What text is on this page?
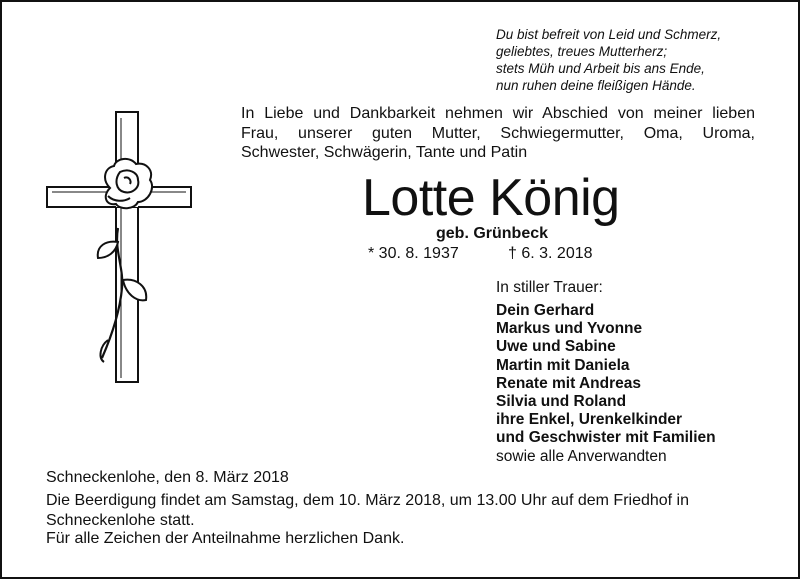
Du bist befreit von Leid und Schmerz,
geliebtes, treues Mutterherz;
stets Müh und Arbeit bis ans Ende,
nun ruhen deine fleißigen Hände.
In Liebe und Dankbarkeit nehmen wir Abschied von meiner lieben
Frau, unserer guten Mutter, Schwiegermutter, Oma, Uroma,
Schwester, Schwägerin, Tante und Patin
Lotte König
geb. Grünbeck
* 30. 8. 1937	† 6. 3. 2018
In stiller Trauer:
Dein Gerhard
Markus und Yvonne
Uwe und Sabine
Martin mit Daniela
Renate mit Andreas
Silvia und Roland
ihre Enkel, Urenkelkinder
und Geschwister mit Familien
sowie alle Anverwandten
Schneckenlohe, den 8. März 2018
Die Beerdigung findet am Samstag, dem 10. März 2018, um 13.00 Uhr auf dem Friedhof in Schneckenlohe statt.
Für alle Zeichen der Anteilnahme herzlichen Dank.
